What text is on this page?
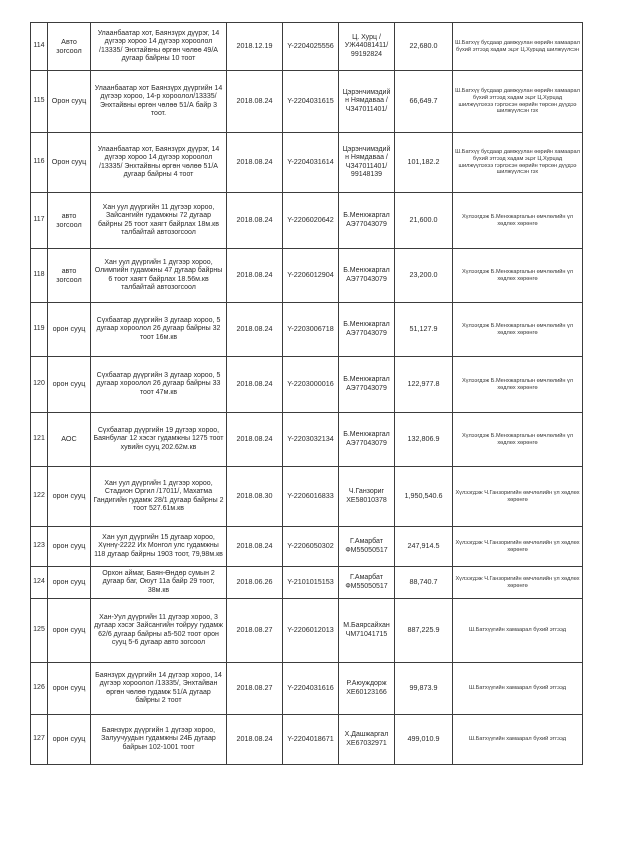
114	Авто зогсоол	Улаанбаатар хот, Баянзүрх дүүрэг, 14 дүгээр хороо 14 дүгээр хороолол /13335/ Энхтайвны өргөн чөлөө 49/А дугаар байрны 10 тоот	2018.12.19	Y-2204025556	Ц. Хурц /УЖ44081411/ 99192824	22,680.0	Ш.Батхүү бусдаар дамжуулан өөрийн хамаарал бүхий этгээд хадам эцэг Ц.Хурцад шилжүүлсэн
115	Орон сууц	Улаанбаатар хот Баянзүрх дүүргийн 14 дүгээр хороо, 14-р хороолол/13335/ Энхтайвны өргөн чөлөө 51/А байр 3 тоот.	2018.08.24	Y-2204031615	Цэрэнчимэдийн Нямдаваа /ЧЗ47011401/	66,649.7	Ш.Батхүү бусдаар дамжуулан өөрийн хамаарал бүхий этгээд хадам эцэг Ц.Хурцад шилжүүлэхээ гэрлэсэн өөрийн төрсөн дүүдээ шилжүүлсэн гэх
116	Орон сууц	Улаанбаатар хот, Баянзүрх дүүрэг, 14 дүгээр хороо 14 дүгээр хороолол /13335/ Энхтайвны өргөн чөлөө 51/А дугаар байрны 4 тоот	2018.08.24	Y-2204031614	Цэрэнчимэдийн Нямдаваа /ЧЗ47011401/ 99148139	101,182.2	Ш.Батхүү бусдаар дамжуулан өөрийн хамаарал бүхий этгээд хадам эцэг Ц.Хурцад шилжүүлэхээ гэрлэсэн өөрийн төрсөн дүүдээ шилжүүлсэн гэх
117	авто зогсоол	Хан уул дүүргийн 11 дүгээр хороо, Зайсангийн гудамжны 72 дугаар байрны 25 тоот хаягт байрлах 18м.кв талбайтай автозогсоол	2018.08.24	Y-2206020642	Б.Менхжаргал АЭ77043079	21,600.0	Хүлээгдэж Б.Менхжаргалын өмчлөлийн үл хөдлөх хөрөнгө
118	авто зогсоол	Хан уул дүүргийн 1 дүгээр хороо, Олимпийн гудамжны 47 дугаар байрны 6 тоот хаягт байрлах 18.56м.кв талбайтай автозогсоол	2018.08.24	Y-2206012904	Б.Менхжаргал АЭ77043079	23,200.0	Хүлээгдэж Б.Менхжаргалын өмчлөлийн үл хөдлөх хөрөнгө
119	орон сууц	Сүхбаатар дүүргийн 3 дугаар хороо, 5 дугаар хороолол 26 дугаар байрны 32 тоот 16м.кв	2018.08.24	Y-2203006718	Б.Менхжаргал АЭ77043079	51,127.9	Хүлээгдэж Б.Менхжаргалын өмчлөлийн үл хөдлөх хөрөнгө
120	орон сууц	Сүхбаатар дүүргийн 3 дугаар хороо, 5 дугаар хороолол 26 дугаар байрны 33 тоот 47м.кв	2018.08.24	Y-2203000016	Б.Менхжаргал АЭ77043079	122,977.8	Хүлээгдэж Б.Менхжаргалын өмчлөлийн үл хөдлөх хөрөнгө
121	АОС	Сүхбаатар дүүргийн 19 дүгээр хороо, Баянбулаг 12 хэсэг гудамжны 1275 тоот хувийн сууц 202.62м.кв	2018.08.24	Y-2203032134	Б.Менхжаргал АЭ77043079	132,806.9	Хүлээгдэж Б.Менхжаргалын өмчлөлийн үл хөдлөх хөрөнгө
122	орон сууц	Хан уул дүүргийн 1 дүгээр хороо, Стадион Оргил /17011/, Махатма Гандигийн гудамж 28/1 дугаар байрны 2 тоот 527.61м.кв	2018.08.30	Y-2206016833	Ч.Ганзориг ХЕ58010378	1,950,540.6	Хүлээгдэж Ч.Ганзоригийн өмчлөлийн үл хөдлөх хөрөнгө
123	орон сууц	Хан уул дүүргийн 15 дугаар хороо, Хүннү-2222 Их Монгол улс гудамжны 118 дугаар байрны 1903 тоот, 79,98м.кв	2018.08.24	Y-2206050302	Г.Амарбат ФМ55050517	247,914.5	Хүлээгдэж Ч.Ганзоригийн өмчлөлийн үл хөдлөх хөрөнгө
124	орон сууц	Орхон аймаг, Баян-Өндөр сумын 2 дугаар баг, Оюут 11а байр 29 тоот, 38м.кв	2018.06.26	Y-2101015153	Г.Амарбат ФМ55050517	88,740.7	Хүлээгдэж Ч.Ганзоригийн өмчлөлийн үл хөдлөх хөрөнгө
125	орон сууц	Хан-Уул дүүргийн 11 дүгээр хороо, 3 дугаар хэсэг Зайсангийн тойруу гудамж 62/6 дугаар байрны а5-502 тоот орон сууц 5-6 дугаар авто зогсоол	2018.08.27	Y-2206012013	М.Баярсайхан ЧМ71041715	887,225.9	Ш.Батхүүгийн хамаарал бүхий этгээд
126	орон сууц	Баянзүрх дүүргийн 14 дүгээр хороо, 14 дүгээр хороолол /13335/, Энхтайван өргөн чөлөө гудамж 51/А дугаар байрны 2 тоот	2018.08.27	Y-2204031616	Р.Аюуждорж ХЕ60123166	99,873.9	Ш.Батхүүгийн хамаарал бүхий этгээд
127	орон сууц	Баянзүрх дүүргийн 1 дүгээр хороо, Залуучуудын гудамжны 24Б дугаар байрын 102-1001 тоот	2018.08.24	Y-2204018671	Х.Дашжаргал ХЕ67032971	499,010.9	Ш.Батхүүгийн хамаарал бүхий этгээд
